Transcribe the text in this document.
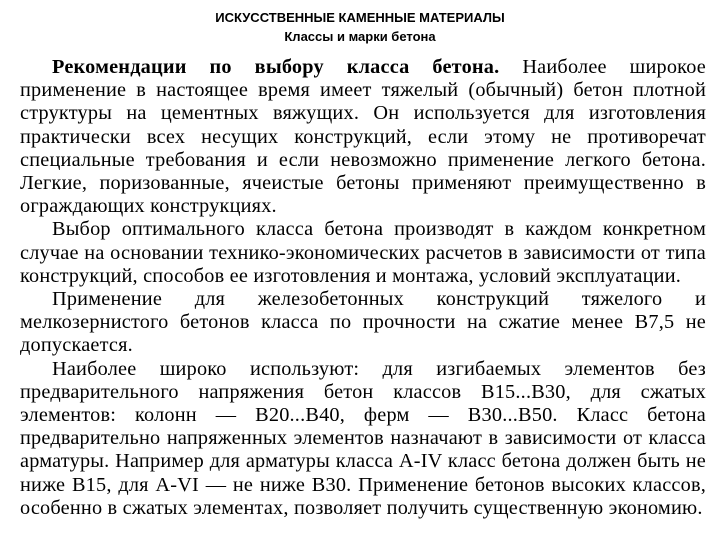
ИСКУССТВЕННЫЕ КАМЕННЫЕ МАТЕРИАЛЫ
Классы и марки бетона

Рекомендации по выбору класса бетона. Наиболее широкое применение в настоящее время имеет тяжелый (обычный) бетон плотной структуры на цементных вяжущих. Он используется для изготовления практически всех несущих конструкций, если этому не противоречат специальные требования и если невозможно применение легкого бетона. Легкие, поризованные, ячеистые бетоны применяют преимущественно в ограждающих конструкциях.

Выбор оптимального класса бетона производят в каждом конкретном случае на основании технико-экономических расчетов в зависимости от типа конструкций, способов ее изготовления и монтажа, условий эксплуатации.

Применение для железобетонных конструкций тяжелого и мелкозернистого бетонов класса по прочности на сжатие менее В7,5 не допускается.

Наиболее широко используют: для изгибаемых элементов без предварительного напряжения бетон классов В15...В30, для сжатых элементов: колонн — В20...В40, ферм — В30...В50. Класс бетона предварительно напряженных элементов назначают в зависимости от класса арматуры. Например для арматуры класса A-IV класс бетона должен быть не ниже В15, для A-VI — не ниже В30. Применение бетонов высоких классов, особенно в сжатых элементах, позволяет получить существенную экономию.
